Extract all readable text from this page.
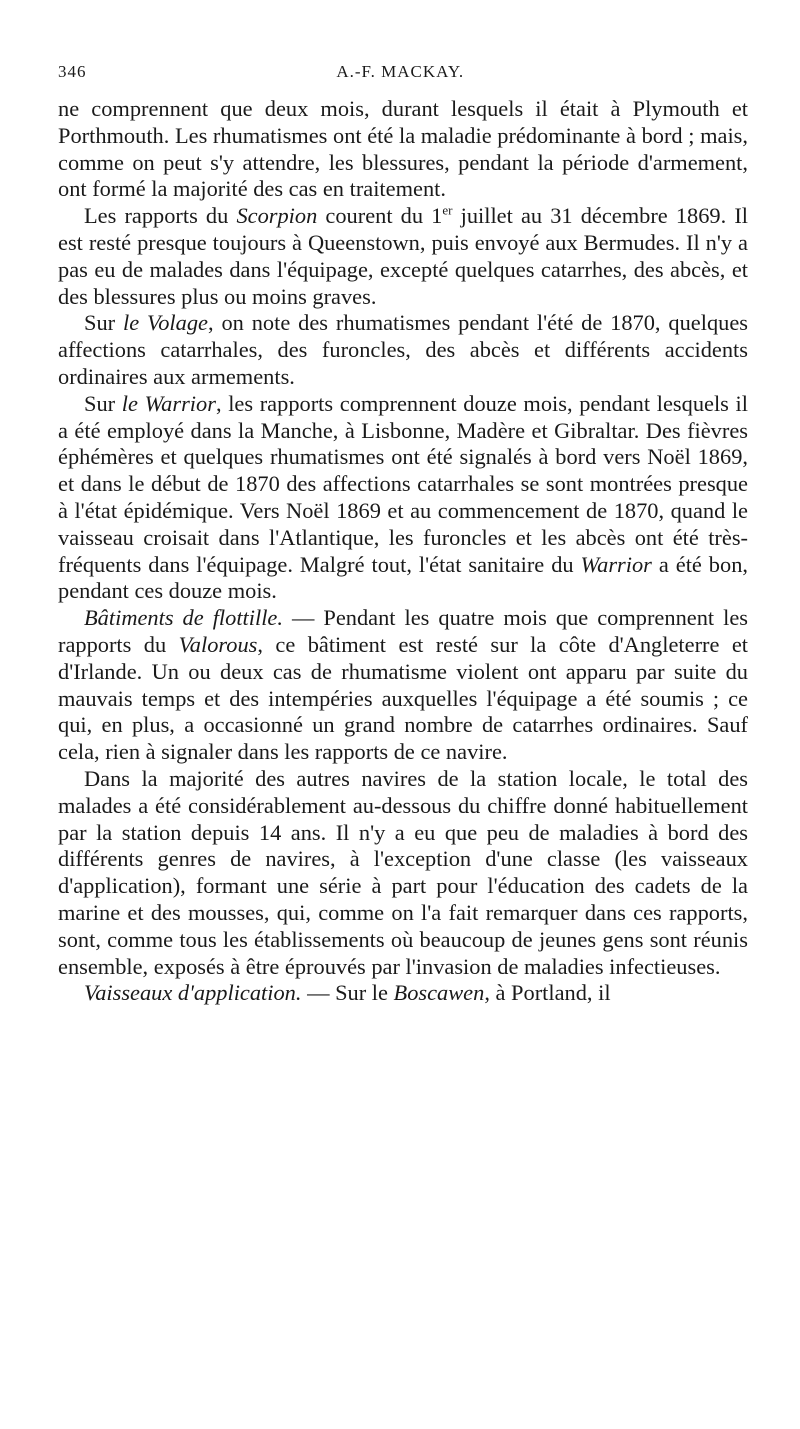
346	A.-F. MACKAY.

ne comprennent que deux mois, durant lesquels il était à Plymouth et Porthmouth. Les rhumatismes ont été la maladie prédominante à bord ; mais, comme on peut s'y attendre, les blessures, pendant la période d'armement, ont formé la majorité des cas en traitement.

Les rapports du Scorpion courent du 1er juillet au 31 décembre 1869. Il est resté presque toujours à Queenstown, puis envoyé aux Bermudes. Il n'y a pas eu de malades dans l'équipage, excepté quelques catarrhes, des abcès, et des blessures plus ou moins graves.

Sur le Volage, on note des rhumatismes pendant l'été de 1870, quelques affections catarrhales, des furoncles, des abcès et différents accidents ordinaires aux armements.

Sur le Warrior, les rapports comprennent douze mois, pendant lesquels il a été employé dans la Manche, à Lisbonne, Madère et Gibraltar. Des fièvres éphémères et quelques rhumatismes ont été signalés à bord vers Noël 1869, et dans le début de 1870 des affections catarrhales se sont montrées presque à l'état épidémique. Vers Noël 1869 et au commencement de 1870, quand le vaisseau croisait dans l'Atlantique, les furoncles et les abcès ont été très-fréquents dans l'équipage. Malgré tout, l'état sanitaire du Warrior a été bon, pendant ces douze mois.

Bâtiments de flottille. — Pendant les quatre mois que comprennent les rapports du Valorous, ce bâtiment est resté sur la côte d'Angleterre et d'Irlande. Un ou deux cas de rhumatisme violent ont apparu par suite du mauvais temps et des intempéries auxquelles l'équipage a été soumis ; ce qui, en plus, a occasionné un grand nombre de catarrhes ordinaires. Sauf cela, rien à signaler dans les rapports de ce navire.

Dans la majorité des autres navires de la station locale, le total des malades a été considérablement au-dessous du chiffre donné habituellement par la station depuis 14 ans. Il n'y a eu que peu de maladies à bord des différents genres de navires, à l'exception d'une classe (les vaisseaux d'application), formant une série à part pour l'éducation des cadets de la marine et des mousses, qui, comme on l'a fait remarquer dans ces rapports, sont, comme tous les établissements où beaucoup de jeunes gens sont réunis ensemble, exposés à être éprouvés par l'invasion de maladies infectieuses.

Vaisseaux d'application. — Sur le Boscawen, à Portland, il
